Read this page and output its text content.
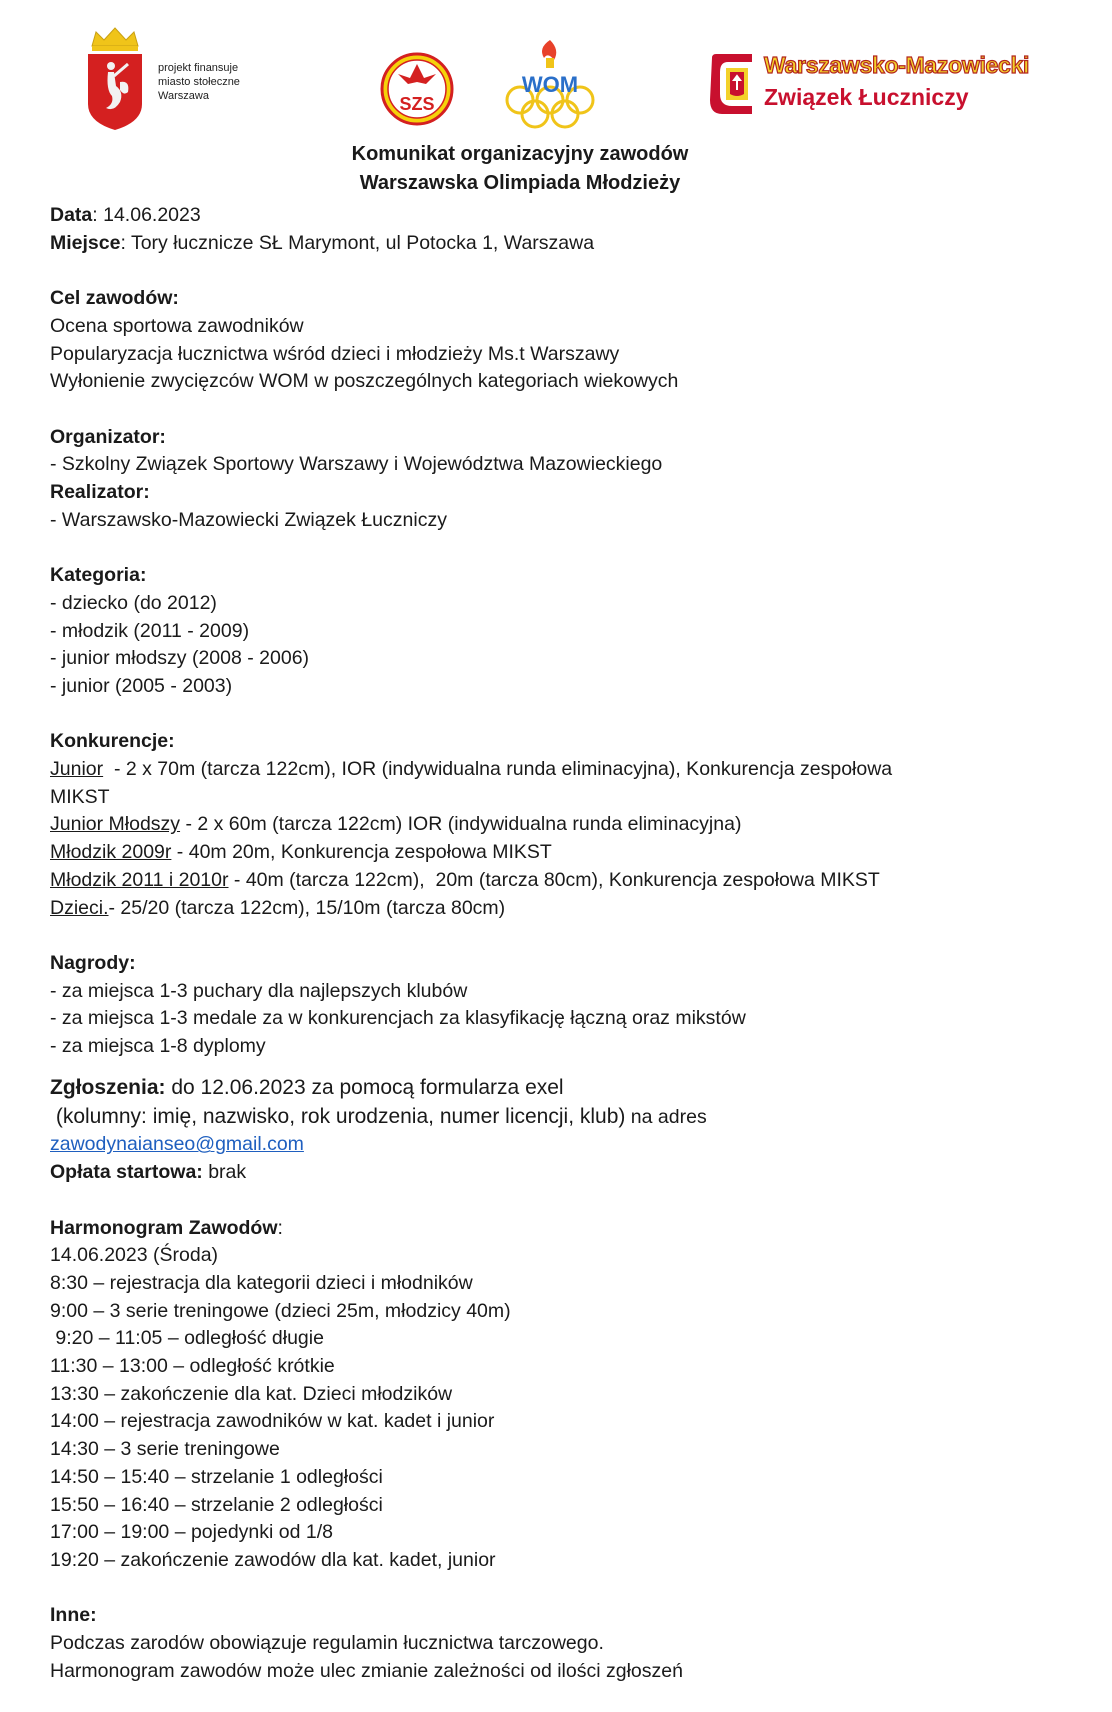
projekt finansuje
miasto stołeczne
Warszawa	SZS
WOM
Warszawsko-Mazowiecki
Związek Łuczniczy
Komunikat organizacyjny zawodów
Warszawska Olimpiada Młodzieży

Data: 14.06.2023

Miejsce: Tory łucznicze SŁ Marymont, ul Potocka 1, Warszawa

Cel zawodów:

Ocena sportowa zawodników

Popularyzacja łucznictwa wśród dzieci i młodzieży Ms.t Warszawy

Wyłonienie zwycięzców WOM w poszczególnych kategoriach wiekowych

Organizator:

- Szkolny Związek Sportowy Warszawy i Województwa Mazowieckiego

Realizator:

- Warszawsko-Mazowiecki Związek Łuczniczy

Kategoria:

- dziecko (do 2012)

- młodzik (2011 - 2009)

- junior młodszy (2008 - 2006)

- junior (2005 - 2003)

Konkurencje:

Junior  - 2 x 70m (tarcza 122cm), IOR (indywidualna runda eliminacyjna), Konkurencja zespołowa

MIKST

Junior Młodszy - 2 x 60m (tarcza 122cm) IOR (indywidualna runda eliminacyjna)

Młodzik 2009r - 40m 20m, Konkurencja zespołowa MIKST

Młodzik 2011 i 2010r - 40m (tarcza 122cm),  20m (tarcza 80cm), Konkurencja zespołowa MIKST

Dzieci.- 25/20 (tarcza 122cm), 15/10m (tarcza 80cm)

Nagrody:

- za miejsca 1-3 puchary dla najlepszych klubów

- za miejsca 1-3 medale za w konkurencjach za klasyfikację łączną oraz mikstów

- za miejsca 1-8 dyplomy

Zgłoszenia: do 12.06.2023 za pomocą formularza exel

(kolumny: imię, nazwisko, rok urodzenia, numer licencji, klub) na adres

zawodynaianseo@gmail.com

Opłata startowa: brak

Harmonogram Zawodów:

14.06.2023 (Środa)

8:30 – rejestracja dla kategorii dzieci i młodników

9:00 – 3 serie treningowe (dzieci 25m, młodzicy 40m)

9:20 – 11:05 – odległość długie

11:30 – 13:00 – odległość krótkie

13:30 – zakończenie dla kat. Dzieci młodzików

14:00 – rejestracja zawodników w kat. kadet i junior

14:30 – 3 serie treningowe

14:50 – 15:40 – strzelanie 1 odległości

15:50 – 16:40 – strzelanie 2 odległości

17:00 – 19:00 – pojedynki od 1/8

19:20 – zakończenie zawodów dla kat. kadet, junior

Inne:

Podczas zarodów obowiązuje regulamin łucznictwa tarczowego.

Harmonogram zawodów może ulec zmianie zależności od ilości zgłoszeń
